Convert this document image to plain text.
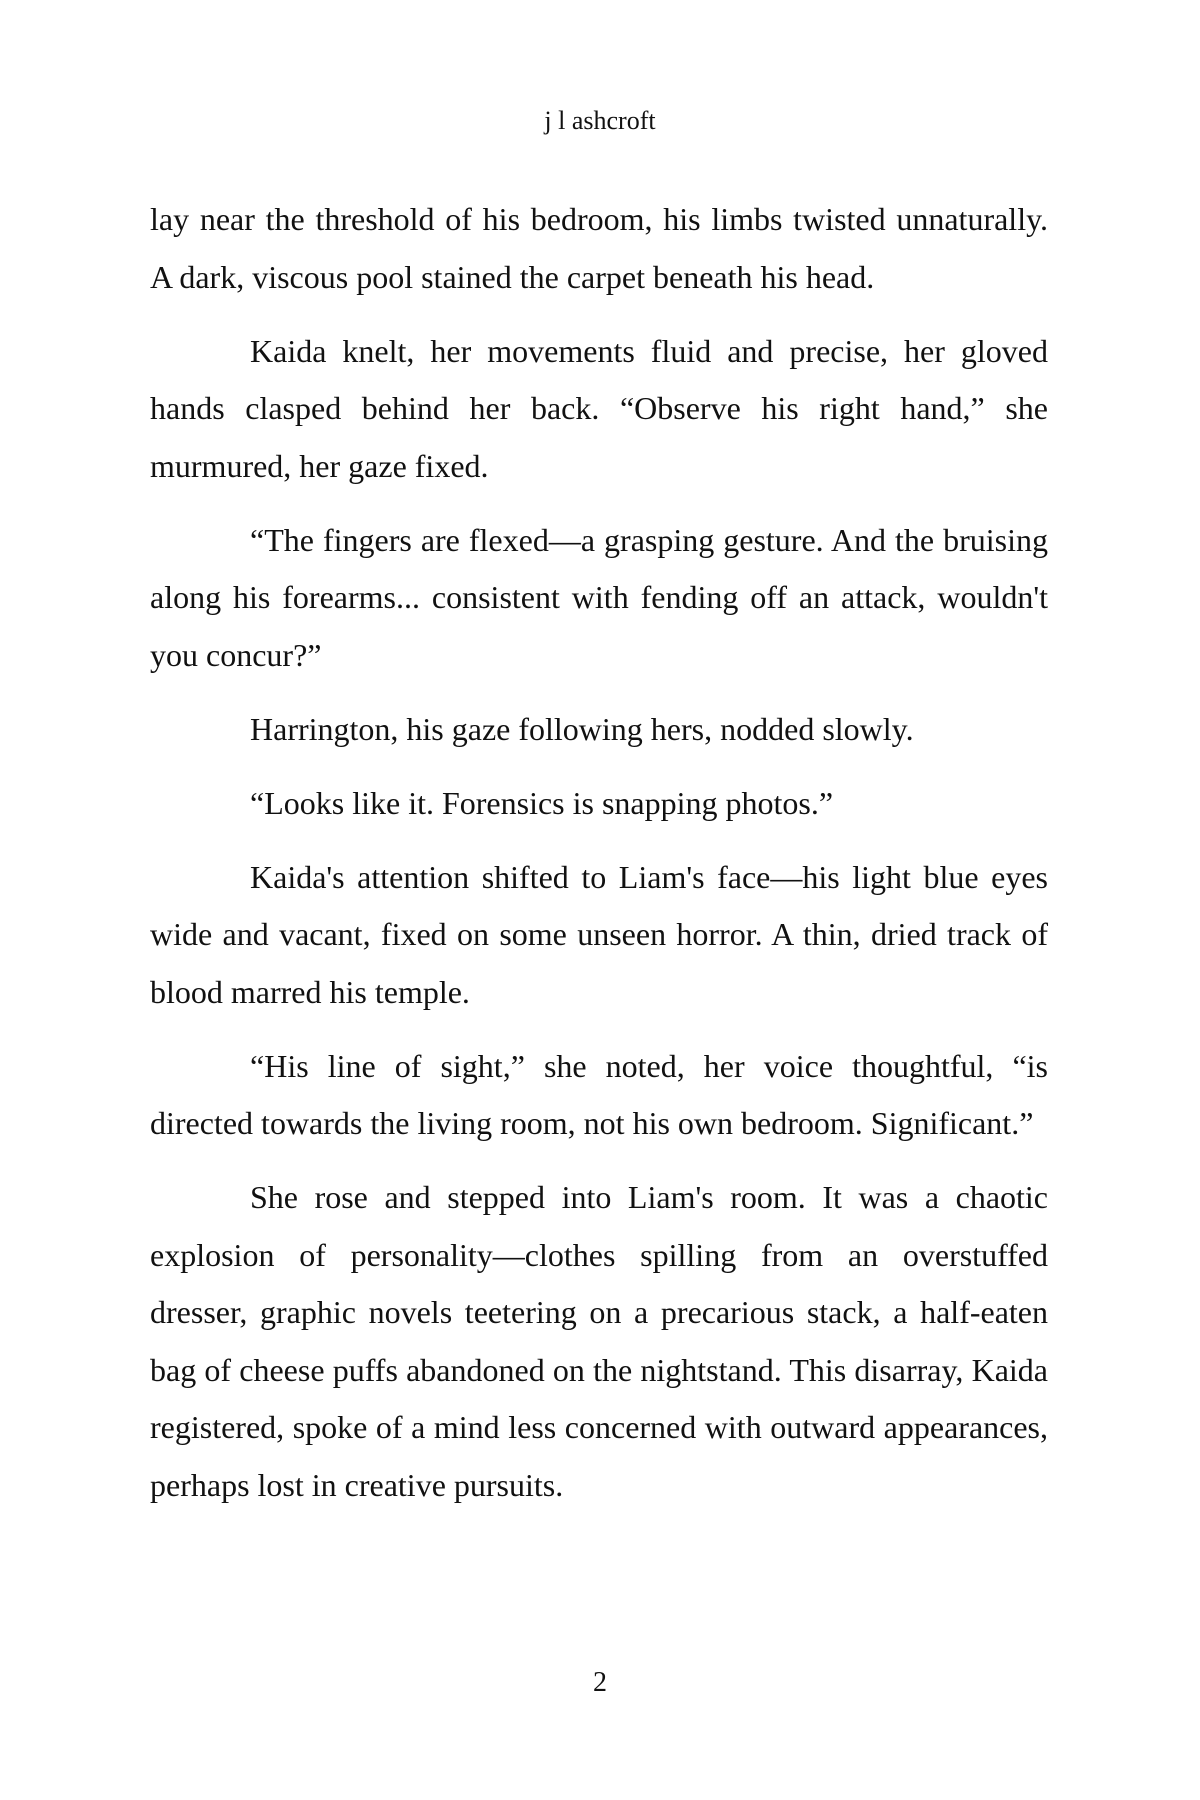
j l ashcroft

lay near the threshold of his bedroom, his limbs twisted unnaturally. A dark, viscous pool stained the carpet beneath his head.

Kaida knelt, her movements fluid and precise, her gloved hands clasped behind her back. “Observe his right hand,” she murmured, her gaze fixed.

“The fingers are flexed—a grasping gesture. And the bruising along his forearms... consistent with fending off an attack, wouldn't you concur?”

Harrington, his gaze following hers, nodded slowly.

“Looks like it. Forensics is snapping photos.”

Kaida's attention shifted to Liam's face—his light blue eyes wide and vacant, fixed on some unseen horror. A thin, dried track of blood marred his temple.

“His line of sight,” she noted, her voice thoughtful, “is directed towards the living room, not his own bedroom. Significant.”

She rose and stepped into Liam's room. It was a chaotic explosion of personality—clothes spilling from an overstuffed dresser, graphic novels teetering on a precarious stack, a half-eaten bag of cheese puffs abandoned on the nightstand. This disarray, Kaida registered, spoke of a mind less concerned with outward appearances, perhaps lost in creative pursuits.

2
